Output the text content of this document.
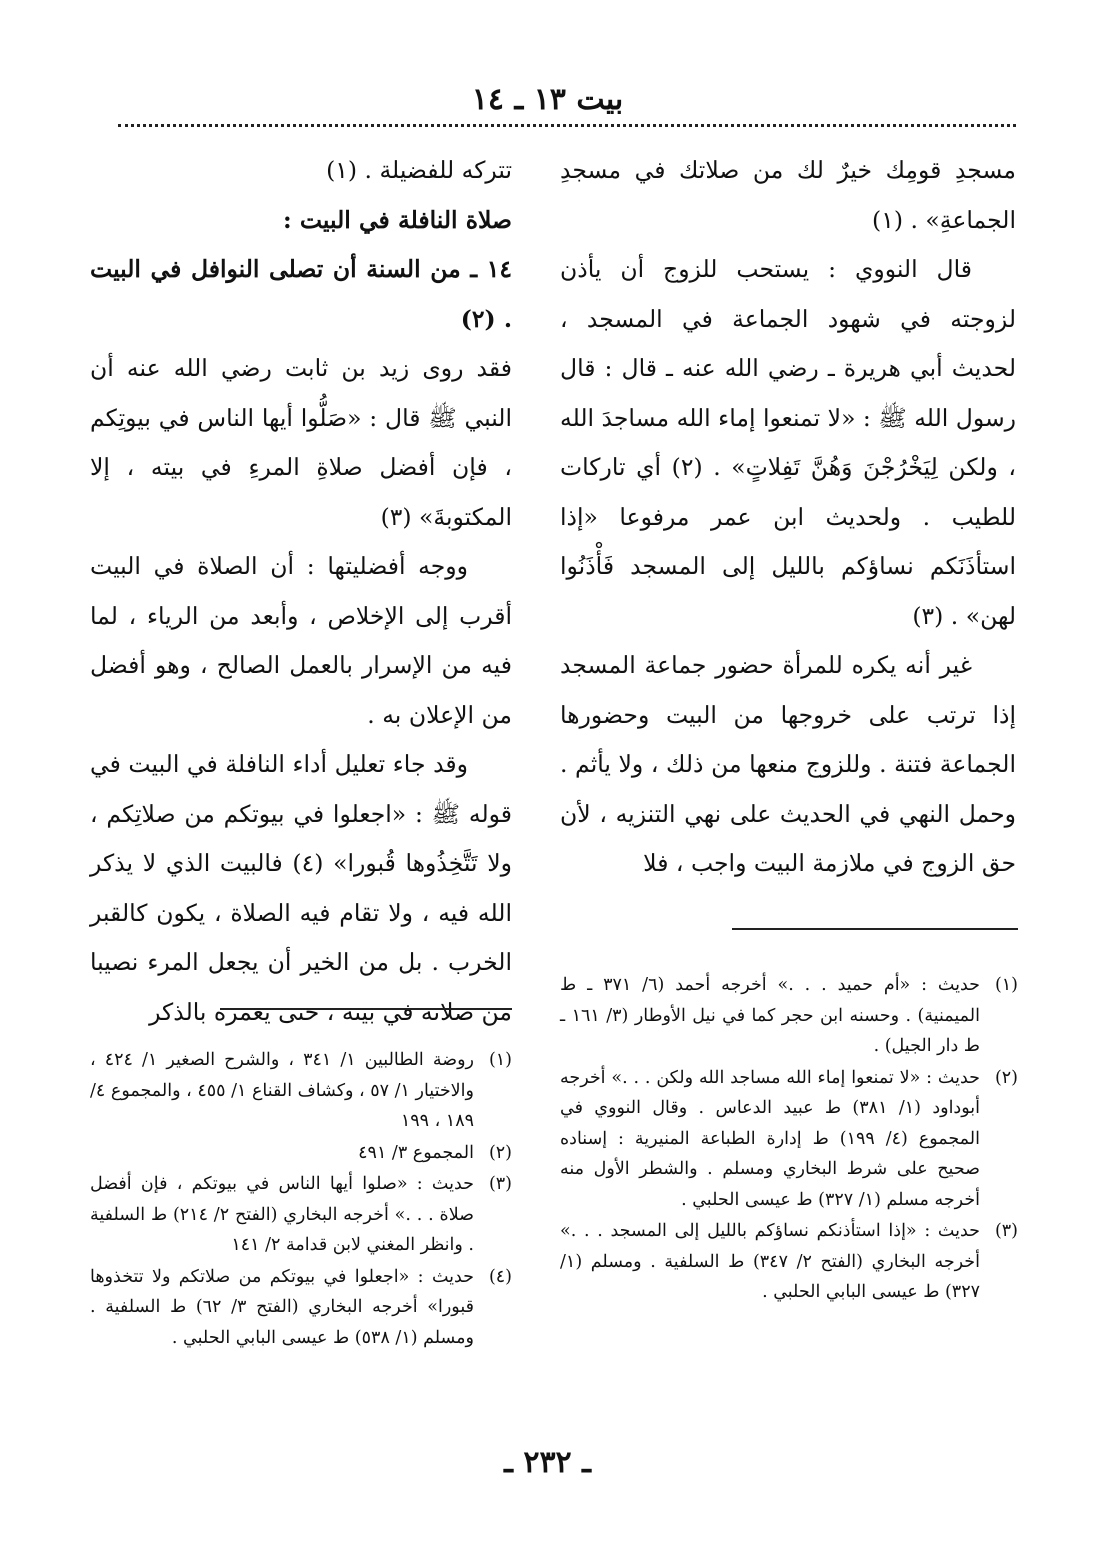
بيت ١٣ ـ ١٤

مسجدِ قومِك خيرٌ لك من صلاتك في مسجدِ الجماعةِ» . (١)

قال النووي : يستحب للزوج أن يأذن لزوجته في شهود الجماعة في المسجد ، لحديث أبي هريرة ـ رضي الله عنه ـ قال : قال رسول الله ﷺ : «لا تمنعوا إماء الله مساجدَ الله ، ولكن لِيَخْرُجْنَ وَهُنَّ تَفِلاتٍ» . (٢) أي تاركات للطيب . ولحديث ابن عمر مرفوعا «إذا استأذَنَكم نساؤكم بالليل إلى المسجد فَأْذَنُوا لهن» . (٣)

غير أنه يكره للمرأة حضور جماعة المسجد إذا ترتب على خروجها من البيت وحضورها الجماعة فتنة . وللزوج منعها من ذلك ، ولا يأثم . وحمل النهي في الحديث على نهي التنزيه ، لأن حق الزوج في ملازمة البيت واجب ، فلا

تتركه للفضيلة . (١)

صلاة النافلة في البيت :

١٤ ـ من السنة أن تصلى النوافل في البيت . (٢)

فقد روى زيد بن ثابت رضي الله عنه أن النبي ﷺ قال : «صَلُّوا أيها الناس في بيوتِكم ، فإن أفضل صلاةِ المرءِ في بيته ، إلا المكتوبةَ» (٣)

ووجه أفضليتها : أن الصلاة في البيت أقرب إلى الإخلاص ، وأبعد من الرياء ، لما فيه من الإسرار بالعمل الصالح ، وهو أفضل من الإعلان به .

وقد جاء تعليل أداء النافلة في البيت في قوله ﷺ : «اجعلوا في بيوتكم من صلاتِكم ، ولا تَتَّخِذُوها قُبورا» (٤) فالبيت الذي لا يذكر الله فيه ، ولا تقام فيه الصلاة ، يكون كالقبر الخرب . بل من الخير أن يجعل المرء نصيبا من صلاته في بيته ، حتى يعمره بالذكر

(١)
حديث : «أم حميد . . .» أخرجه أحمد (٦/ ٣٧١ ـ ط الميمنية) . وحسنه ابن حجر كما في نيل الأوطار (٣/ ١٦١ ـ ط دار الجيل) .
(٢)
حديث : «لا تمنعوا إماء الله مساجد الله ولكن . . .» أخرجه أبوداود (١/ ٣٨١) ط عبيد الدعاس . وقال النووي في المجموع (٤/ ١٩٩) ط إدارة الطباعة المنيرية : إسناده صحيح على شرط البخاري ومسلم . والشطر الأول منه أخرجه مسلم (١/ ٣٢٧) ط عيسى الحلبي .
(٣)
حديث : «إذا استأذنكم نساؤكم بالليل إلى المسجد . . .» أخرجه البخاري (الفتح ٢/ ٣٤٧) ط السلفية . ومسلم (١/ ٣٢٧) ط عيسى البابي الحلبي .
(١)
روضة الطالبين ١/ ٣٤١ ، والشرح الصغير ١/ ٤٢٤ ، والاختيار ١/ ٥٧ ، وكشاف القناع ١/ ٤٥٥ ، والمجموع ٤/ ١٨٩ ، ١٩٩
(٢)
المجموع ٣/ ٤٩١
(٣)
حديث : «صلوا أيها الناس في بيوتكم ، فإن أفضل صلاة . . .» أخرجه البخاري (الفتح ٢/ ٢١٤) ط السلفية . وانظر المغني لابن قدامة ٢/ ١٤١
(٤)
حديث : «اجعلوا في بيوتكم من صلاتكم ولا تتخذوها قبورا» أخرجه البخاري (الفتح ٣/ ٦٢) ط السلفية . ومسلم (١/ ٥٣٨) ط عيسى البابي الحلبي .
ـ ٢٣٢ ـ
